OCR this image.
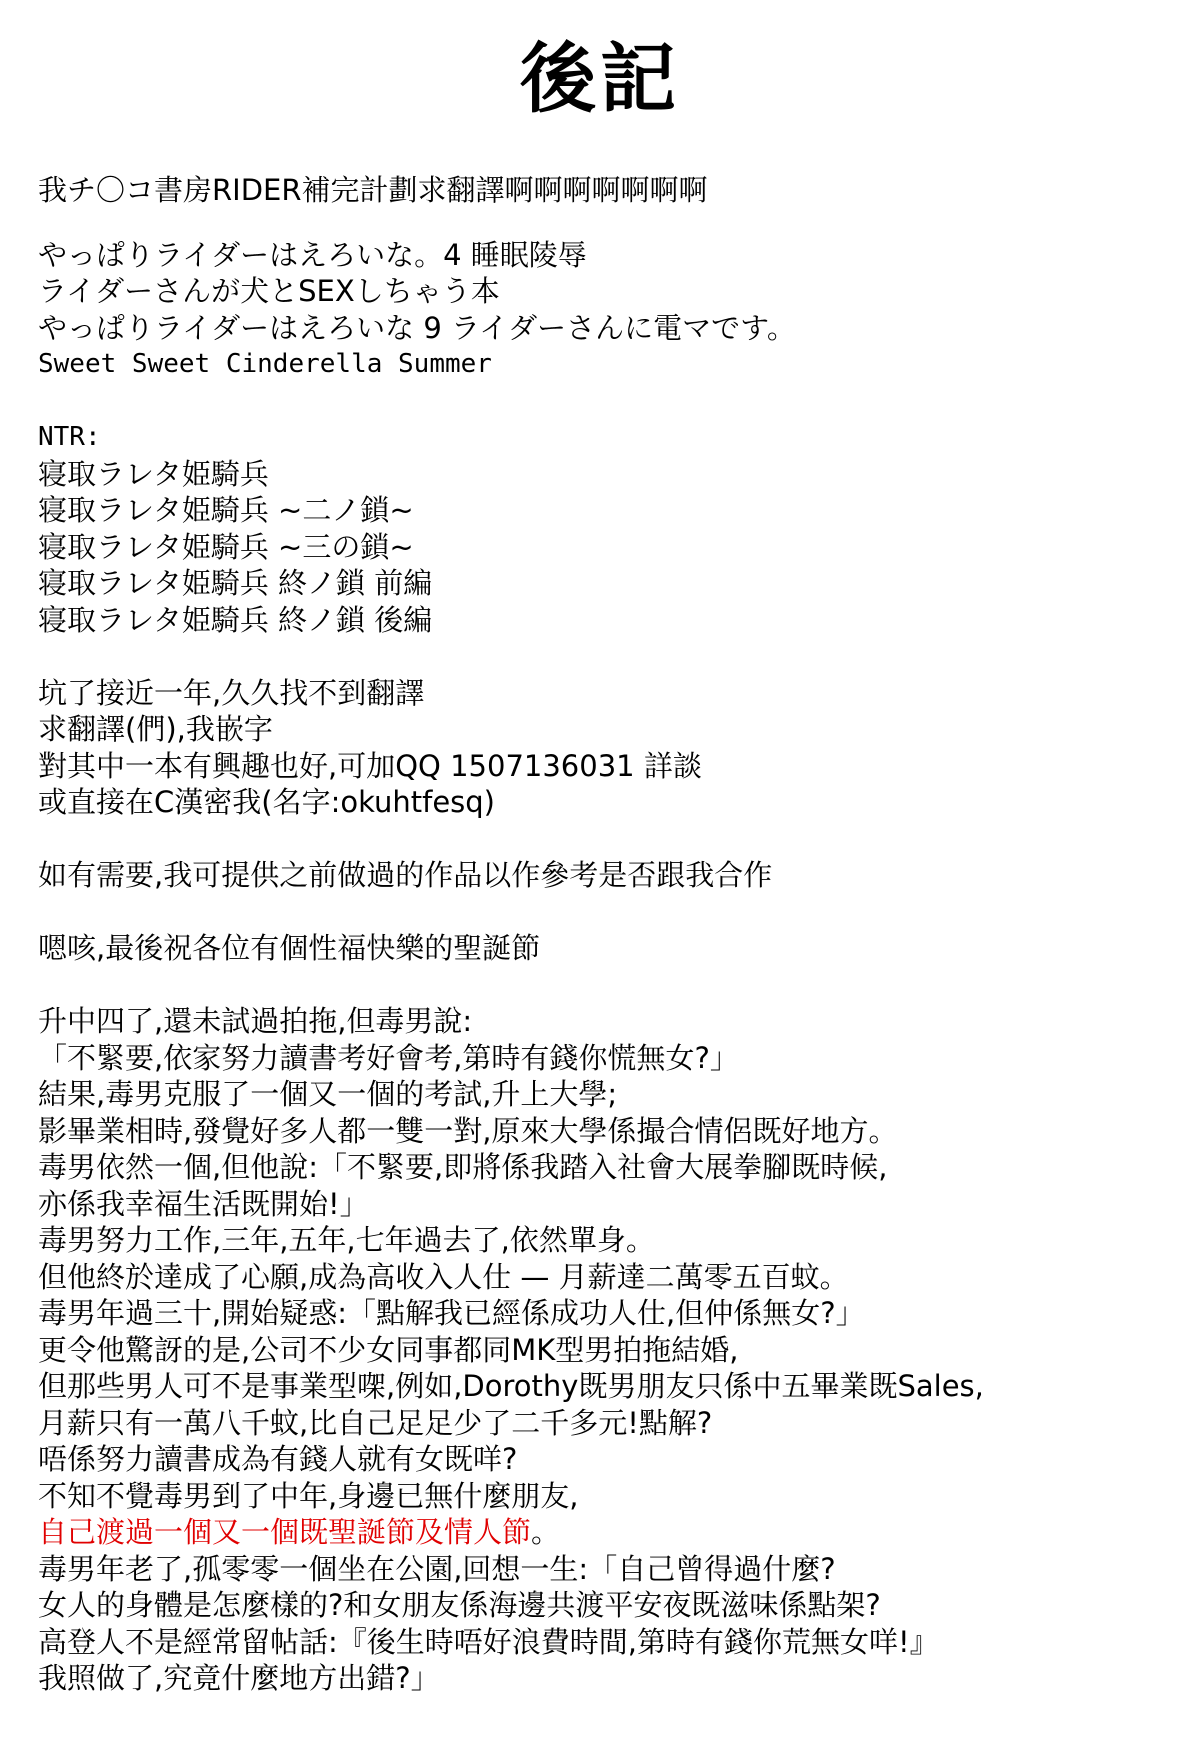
後記
我チ〇コ書房RIDER補完計劃求翻譯啊啊啊啊啊啊啊
やっぱりライダーはえろいな。4 睡眠陵辱
ライダーさんが犬とSEXしちゃう本
やっぱりライダーはえろいな 9 ライダーさんに電マです。
Sweet Sweet Cinderella Summer
NTR:
寝取ラレタ姫騎兵
寝取ラレタ姫騎兵 ~二ノ鎖~
寝取ラレタ姫騎兵 ~三の鎖~
寝取ラレタ姫騎兵 終ノ鎖 前編
寝取ラレタ姫騎兵 終ノ鎖 後編
坑了接近一年,久久找不到翻譯
求翻譯(們),我嵌字
對其中一本有興趣也好,可加QQ 1507136031 詳談
或直接在C漢密我(名字:okuhtfesq)
如有需要,我可提供之前做過的作品以作參考是否跟我合作
嗯咳,最後祝各位有個性福快樂的聖誕節
升中四了,還未試過拍拖,但毒男說:
「不緊要,依家努力讀書考好會考,第時有錢你慌無女?」
結果,毒男克服了一個又一個的考試,升上大學;
影畢業相時,發覺好多人都一雙一對,原來大學係撮合情侶既好地方。
毒男依然一個,但他說:「不緊要,即將係我踏入社會大展拳腳既時候,
亦係我幸福生活既開始!」
毒男努力工作,三年,五年,七年過去了,依然單身。
但他終於達成了心願,成為高收入人仕 — 月薪達二萬零五百蚊。
毒男年過三十,開始疑惑:「點解我已經係成功人仕,但仲係無女?」
更令他驚訝的是,公司不少女同事都同MK型男拍拖結婚,
但那些男人可不是事業型㗎,例如,Dorothy既男朋友只係中五畢業既Sales,
月薪只有一萬八千蚊,比自己足足少了二千多元!點解?
唔係努力讀書成為有錢人就有女既咩?
不知不覺毒男到了中年,身邊已無什麼朋友,
自己渡過一個又一個既聖誕節及情人節。
毒男年老了,孤零零一個坐在公園,回想一生:「自己曾得過什麼?
女人的身體是怎麼樣的?和女朋友係海邊共渡平安夜既滋味係點架?
高登人不是經常留帖話:『後生時唔好浪費時間,第時有錢你荒無女咩!』
我照做了,究竟什麼地方出錯?」
